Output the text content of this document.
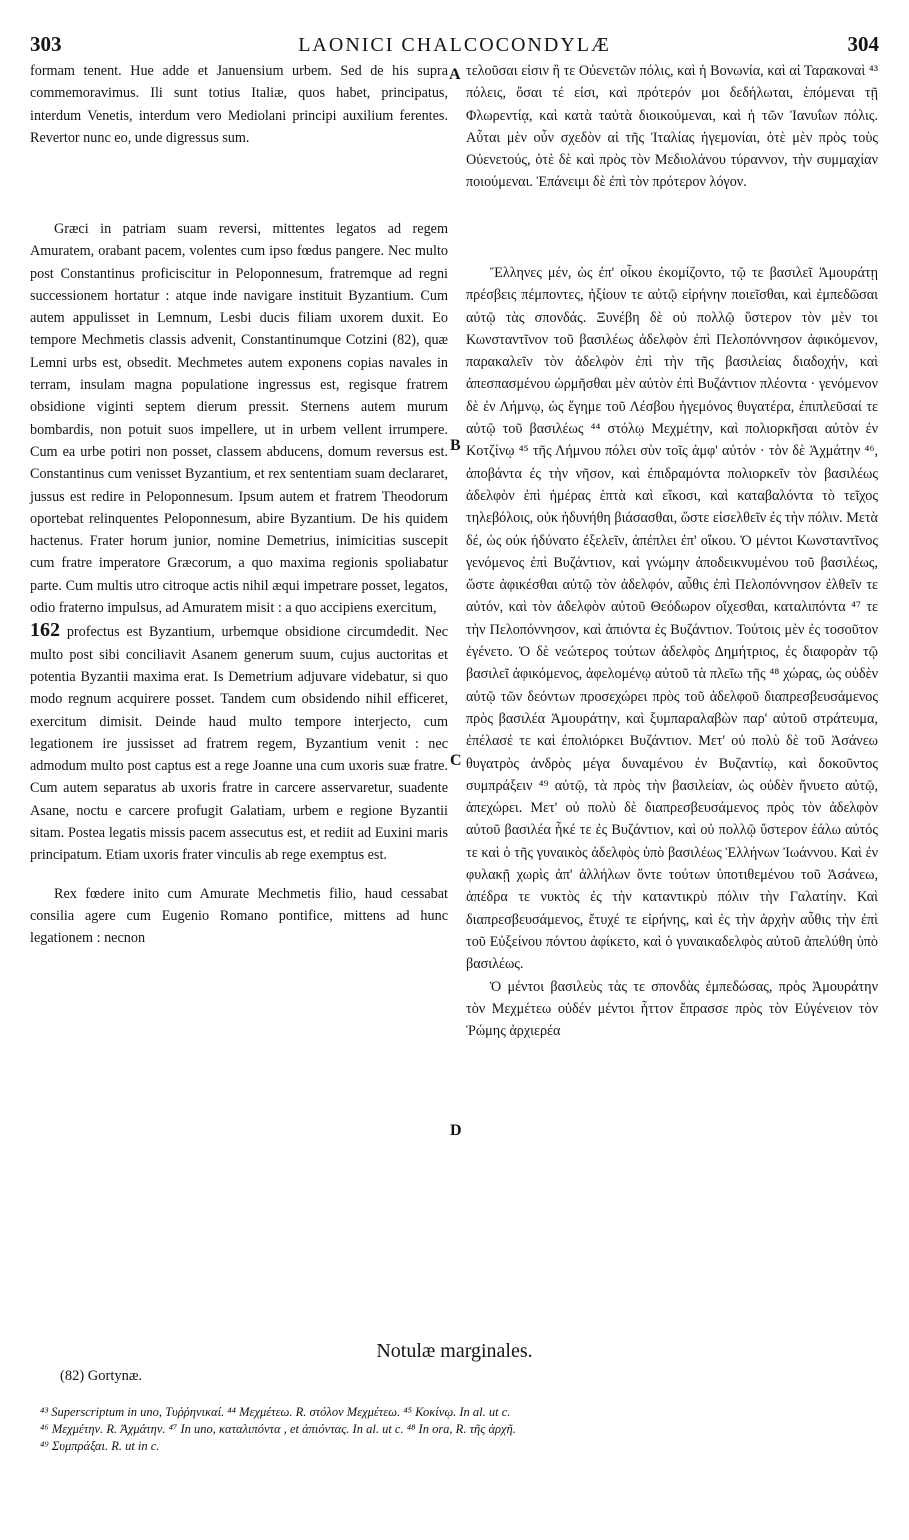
303	LAONICI CHALCOCONDYLÆ	304

formam tenent. Hue adde et Januensium urbem. Sed de his supra commemoravimus. Ili sunt totius Italiæ, quos habet, principatus, interdum Venetis, interdum vero Mediolani principi auxilium ferentes. Revertor nunc eo, unde digressus sum.

Græci in patriam suam reversi, mittentes legatos ad regem Amuratem, orabant pacem, volentes cum ipso fœdus pangere. Nec multo post Constantinus proficiscitur in Peloponnesum, fratremque ad regni successionem hortatur : atque inde navigare instituit Byzantium. Cum autem appulisset in Lemnum, Lesbi ducis filiam uxorem duxit. Eo tempore Mechmetis classis advenit, Constantinumque Cotzini (82), quæ Lemni urbs est, obsedit. Mechmetes autem exponens copias navales in terram, insulam magna populatione ingressus est, regisque fratrem obsidione viginti septem dierum pressit. Sternens autem murum bombardis, non potuit suos impellere, ut in urbem vellent irrumpere. Cum ea urbe potiri non posset, classem abducens, domum reversus est. Constantinus cum venisset Byzantium, et rex sententiam suam declararet, jussus est redire in Peloponnesum. Ipsum autem et fratrem Theodorum oportebat relinquentes Peloponnesum, abire Byzantium. De his quidem hactenus. Frater horum junior, nomine Demetrius, inimicitias suscepit cum fratre imperatore Græcorum, a quo maxima regionis spoliabatur parte. Cum multis utro citroque actis nihil æqui impetrare posset, legatos, odio fraterno impulsus, ad Amuratem misit : a quo accipiens exercitum,

162 profectus est Byzantium, urbemque obsidione circumdedit. Nec multo post sibi conciliavit Asanem generum suum, cujus auctoritas et potentia Byzantii maxima erat. Is Demetrium adjuvare videbatur, si quo modo regnum acquirere posset. Tandem cum obsidendo nihil efficeret, exercitum dimisit. Deinde haud multo tempore interjecto, cum legationem ire jussisset ad fratrem regem, Byzantium venit : nec admodum multo post captus est a rege Joanne una cum uxoris suæ fratre. Cum autem separatus ab uxoris fratre in carcere asservaretur, suadente Asane, noctu e carcere profugit Galatiam, urbem e regione Byzantii sitam. Postea legatis missis pacem assecutus est, et rediit ad Euxini maris principatum. Etiam uxoris frater vinculis ab rege exemptus est.

Rex fœdere inito cum Amurate Mechmetis filio, haud cessabat consilia agere cum Eugenio Romano pontifice, mittens ad hunc legationem : necnon

τελοῦσαι εἰσιν ἢ τε Οὐενετῶν πόλις, καὶ ἡ Βονωνία, καὶ αἱ Ταρακοναὶ ⁴³ πόλεις, ὅσαι τέ εἰσι, καὶ πρότερόν μοι δεδήλωται, ἑπόμεναι τῇ Φλωρεντίᾳ, καὶ κατὰ ταὐτὰ διοικούμεναι, καὶ ἡ τῶν Ἰανυΐων πόλις. Αὗται μὲν οὖν σχεδὸν αἱ τῆς Ἰταλίας ἡγεμονίαι, ὁτὲ μὲν πρὸς τοὺς Οὐενετούς, ὁτὲ δὲ καὶ πρὸς τὸν Μεδιολάνου τύραννον, τὴν συμμαχίαν ποιούμεναι. Ἐπάνειμι δὲ ἐπὶ τὸν πρότερον λόγον.

Ἕλληνες μέν, ὡς ἐπ' οἶκου ἐκομίζοντο, τῷ τε βασιλεῖ Ἀμουράτῃ πρέσβεις πέμποντες, ἠξίουν τε αὐτῷ εἰρήνην ποιεῖσθαι, καὶ ἐμπεδῶσαι αὐτῷ τὰς σπονδάς. Ξυνέβη δὲ οὐ πολλῷ ὕστερον τὸν μὲν τοι Κωνσταντῖνον τοῦ βασιλέως ἀδελφὸν ἐπὶ Πελοπόννησον ἀφικόμενον, παρακαλεῖν τὸν ἀδελφὸν ἐπὶ τὴν τῆς βασιλείας διαδοχήν, καὶ ἀπεσπασμένου ὡρμῆσθαι μὲν αὐτὸν ἐπὶ Βυζάντιον πλέοντα · γενόμενον δὲ ἐν Λήμνῳ, ὡς ἔγημε τοῦ Λέσβου ἡγεμόνος θυγατέρα, ἐπιπλεῦσαί τε αὐτῷ τοῦ βασιλέως ⁴⁴ στόλῳ Μεχμέτην, καὶ πολιορκῆσαι αὐτὸν ἐν Κοτζίνῳ ⁴⁵ τῆς Λήμνου πόλει σὺν τοῖς ἀμφ' αὐτόν · τὸν δὲ Ἀχμάτην ⁴⁶, ἀποβάντα ἐς τὴν νῆσον, καὶ ἐπιδραμόντα πολιορκεῖν τὸν βασιλέως ἀδελφὸν ἐπὶ ἡμέρας ἑπτὰ καὶ εἴκοσι, καὶ καταβαλόντα τὸ τεῖχος τηλεβόλοις, οὐκ ἠδυνήθη βιάσασθαι, ὥστε εἰσελθεῖν ἐς τὴν πόλιν. Μετὰ δέ, ὡς οὐκ ἠδύνατο ἐξελεῖν, ἀπέπλει ἐπ' οἴκου. Ὁ μέντοι Κωνσταντῖνος γενόμενος ἐπὶ Βυζάντιον, καὶ γνώμην ἀποδεικνυμένου τοῦ βασιλέως, ὥστε ἀφικέσθαι αὐτῷ τὸν ἀδελφόν, αὖθις ἐπὶ Πελοπόννησον ἐλθεῖν τε αὐτόν, καὶ τὸν ἀδελφὸν αὐτοῦ Θεόδωρον οἴχεσθαι, καταλιπόντα ⁴⁷ τε τὴν Πελοπόννησον, καὶ ἀπιόντα ἐς Βυζάντιον. Τούτοις μὲν ἐς τοσοῦτον ἐγένετο. Ὁ δὲ νεώτερος τούτων ἀδελφὸς Δημήτριος, ἐς διαφορὰν τῷ βασιλεῖ ἀφικόμενος, ἀφελομένῳ αὐτοῦ τὰ πλεῖω τῆς ⁴⁸ χώρας, ὡς οὐδὲν αὐτῷ τῶν δεόντων προσεχώρει πρὸς τοῦ ἀδελφοῦ διαπρεσβευσάμενος πρὸς βασιλέα Ἀμουράτην, καὶ ξυμπαραλαβὼν παρ' αὐτοῦ στράτευμα, ἐπέλασέ τε καὶ ἐπολιόρκει Βυζάντιον. Μετ' οὐ πολὺ δὲ τοῦ Ἀσάνεω θυγατρὸς ἀνδρὸς μέγα δυναμένου ἐν Βυζαντίῳ, καὶ δοκοῦντος συμπράξειν ⁴⁹ αὐτῷ, τὰ πρὸς τὴν βασιλείαν, ὡς οὐδὲν ἤνυετο αὐτῷ, ἀπεχώρει. Μετ' οὐ πολὺ δὲ διαπρεσβευσάμενος πρὸς τὸν ἀδελφὸν αὐτοῦ βασιλέα ἧκέ τε ἐς Βυζάντιον, καὶ οὐ πολλῷ ὕστερον ἑάλω αὐτός τε καὶ ὁ τῆς γυναικὸς ἀδελφὸς ὑπὸ βασιλέως Ἑλλήνων Ἰωάννου. Καὶ ἐν φυλακῇ χωρὶς ἀπ' ἀλλήλων ὄντε τούτων ὑποτιθεμένου τοῦ Ἀσάνεω, ἀπέδρα τε νυκτὸς ἐς τὴν καταντικρὺ πόλιν τὴν Γαλατίην. Καὶ διαπρεσβευσάμενος, ἔτυχέ τε εἰρήνης, καὶ ἐς τὴν ἀρχὴν αὖθις τὴν ἐπὶ τοῦ Εὐξείνου πόντου ἀφίκετο, καὶ ὁ γυναικαδελφὸς αὐτοῦ ἀπελύθη ὑπὸ βασιλέως.

Ὁ μέντοι βασιλεὺς τὰς τε σπονδὰς ἐμπεδώσας, πρὸς Ἀμουράτην τὸν Μεχμέτεω οὐδέν μέντοι ἧττον ἔπρασσε πρὸς τὸν Εὐγένειον τὸν Ῥώμης ἀρχιερέα

A
B
C
D
Notulæ marginales.
(82) Gortynæ.
⁴³ Superscriptum in uno, Τυῤῥηνικαί. ⁴⁴ Μεχμέτεω. R. στόλον Μεχμέτεω. ⁴⁵ Κοκίνῳ. In al. ut c.
⁴⁶ Μεχμέτην. R. Ἀχμάτην. ⁴⁷ In uno, καταλιπόντα , et ἀπιόντας. In al. ut c. ⁴⁸ In ora, R. τῆς ἀρχῆ.
⁴⁹ Συμπράξαι. R. ut in c.
